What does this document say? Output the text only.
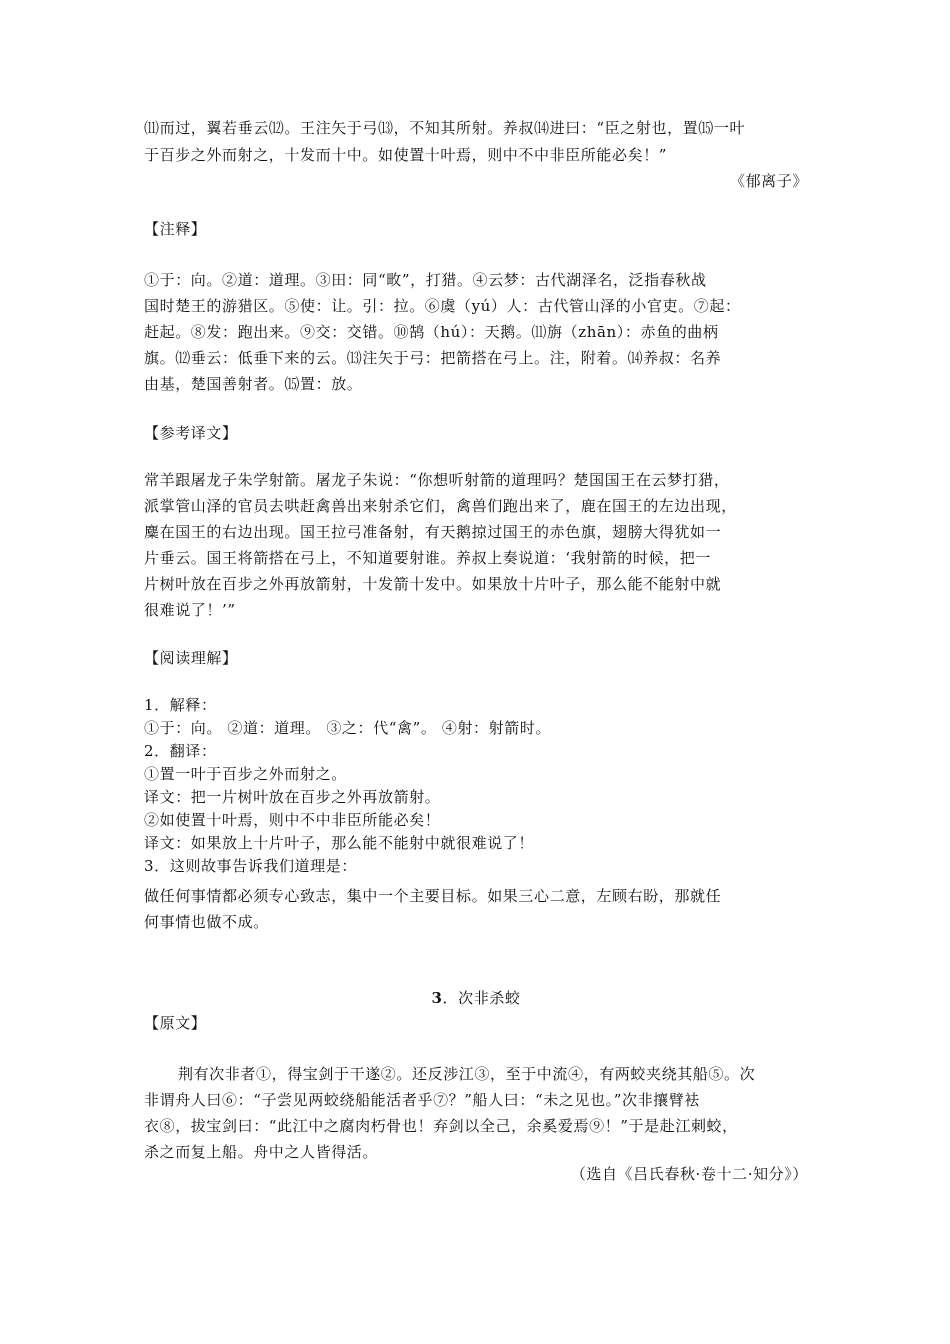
⑾而过，翼若垂云⑿。王注矢于弓⒀，不知其所射。养叔⒁进曰：“臣之射也，置⒂一叶
于百步之外而射之，十发而十中。如使置十叶焉，则中不中非臣所能必矣！”
《郁离子》
【注释】
①于：向。②道：道理。③田：同“畋”，打猎。④云梦：古代湖泽名，泛指春秋战
国时楚王的游猎区。⑤使：让。引：拉。⑥虞（yú）人：古代管山泽的小官吏。⑦起：
赶起。⑧发：跑出来。⑨交：交错。⑩鹄（hú）：天鹅。⑾旃（zhān）：赤鱼的曲柄
旗。⑿垂云：低垂下来的云。⒀注矢于弓：把箭搭在弓上。注，附着。⒁养叔：名养
由基，楚国善射者。⒂置：放。
【参考译文】
常羊跟屠龙子朱学射箭。屠龙子朱说：“你想听射箭的道理吗？楚国国王在云梦打猎，
派掌管山泽的官员去哄赶禽兽出来射杀它们，禽兽们跑出来了，鹿在国王的左边出现，
麋在国王的右边出现。国王拉弓准备射，有天鹅掠过国王的赤色旗，翅膀大得犹如一
片垂云。国王将箭搭在弓上，不知道要射谁。养叔上奏说道：‘我射箭的时候，把一
片树叶放在百步之外再放箭射，十发箭十发中。如果放十片叶子，那么能不能射中就
很难说了！’”
【阅读理解】
1．解释：
①于：向。 ②道：道理。 ③之：代“禽”。 ④射：射箭时。
2．翻译：
①置一叶于百步之外而射之。
译文：把一片树叶放在百步之外再放箭射。
②如使置十叶焉，则中不中非臣所能必矣！
译文：如果放上十片叶子，那么能不能射中就很难说了！
3．这则故事告诉我们道理是：
做任何事情都必须专心致志，集中一个主要目标。如果三心二意，左顾右盼，那就任
何事情也做不成。
3．次非杀蛟
【原文】
荆有次非者①，得宝剑于干遂②。还反涉江③，至于中流④，有两蛟夹绕其船⑤。次
非谓舟人曰⑥：“子尝见两蛟绕船能活者乎⑦？”船人曰：“未之见也。”次非攘臂袪
衣⑧，拔宝剑曰：“此江中之腐肉朽骨也！弃剑以全己，余奚爱焉⑨！”于是赴江刺蛟，
杀之而复上船。舟中之人皆得活。
（选自《吕氏春秋·卷十二·知分》）
